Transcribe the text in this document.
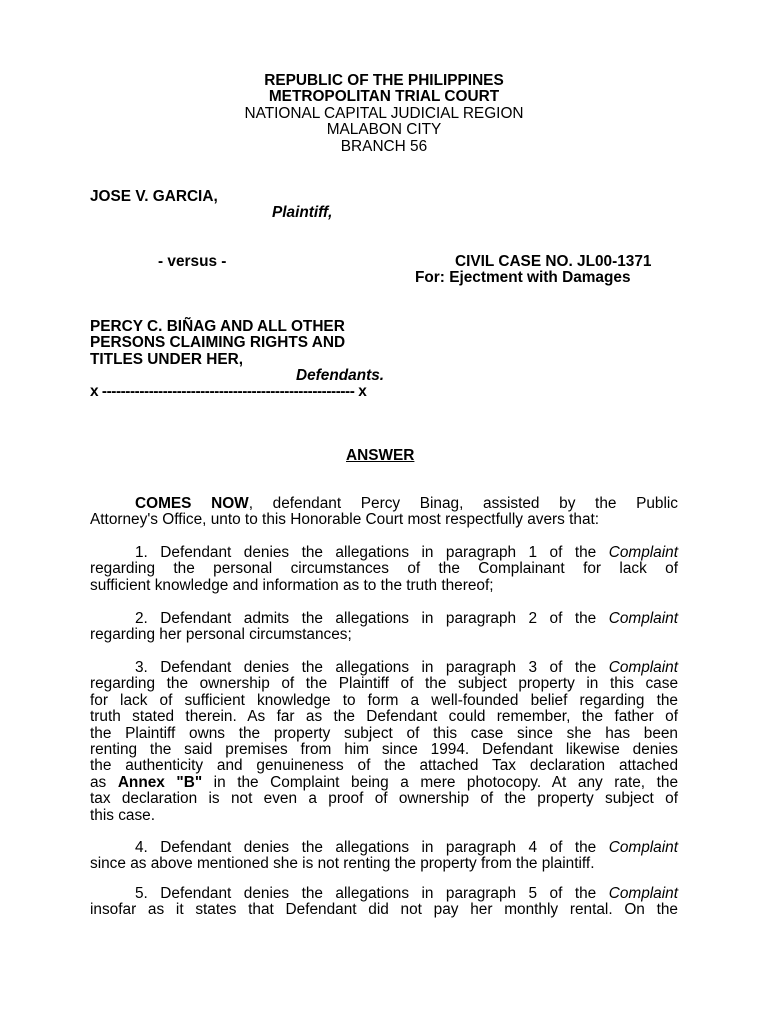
REPUBLIC OF THE PHILIPPINES
METROPOLITAN TRIAL COURT
NATIONAL CAPITAL JUDICIAL REGION
MALABON CITY
BRANCH 56
JOSE V. GARCIA,
Plaintiff,
- versus -	CIVIL CASE NO. JL00-1371
For: Ejectment with Damages
PERCY C. BIÑAG AND ALL OTHER
PERSONS CLAIMING RIGHTS AND
TITLES UNDER HER,
Defendants.
x ------------------------------------------------------ x
ANSWER
COMES NOW, defendant Percy Binag, assisted by the Public
Attorney's Office, unto to this Honorable Court most respectfully avers that:
1. Defendant denies the allegations in paragraph 1 of the Complaint
regarding the personal circumstances of the Complainant for lack of
sufficient knowledge and information as to the truth thereof;
2. Defendant admits the allegations in paragraph 2 of the Complaint
regarding her personal circumstances;
3. Defendant denies the allegations in paragraph 3 of the Complaint
regarding the ownership of the Plaintiff of the subject property in this case
for lack of sufficient knowledge to form a well-founded belief regarding the
truth stated therein. As far as the Defendant could remember, the father of
the Plaintiff owns the property subject of this case since she has been
renting the said premises from him since 1994. Defendant likewise denies
the authenticity and genuineness of the attached Tax declaration attached
as Annex "B" in the Complaint being a mere photocopy. At any rate, the
tax declaration is not even a proof of ownership of the property subject of
this case.
4. Defendant denies the allegations in paragraph 4 of the Complaint
since as above mentioned she is not renting the property from the plaintiff.
5. Defendant denies the allegations in paragraph 5 of the Complaint
insofar as it states that Defendant did not pay her monthly rental. On the
